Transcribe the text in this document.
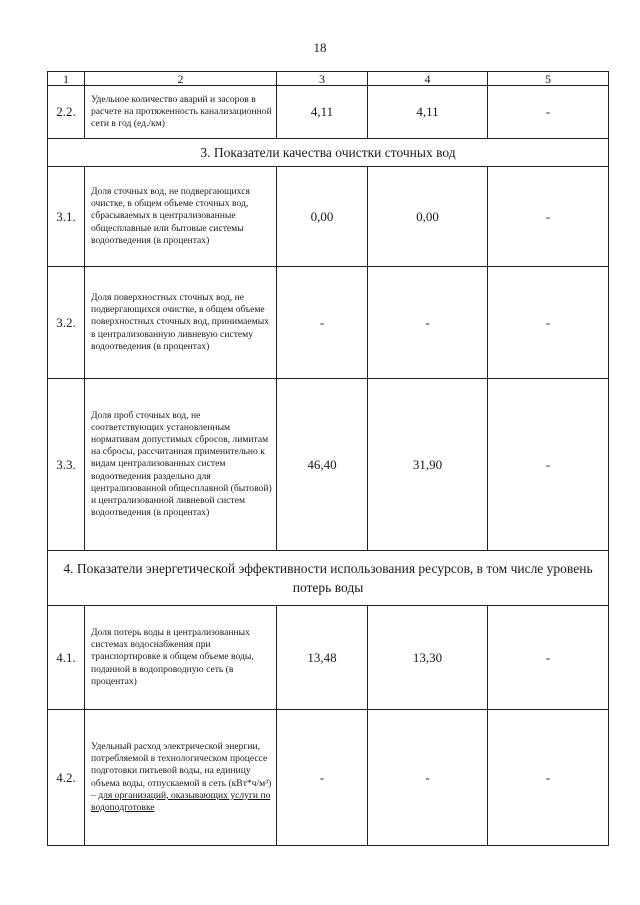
18
1	2	3	4	5
2.2.	Удельное количество аварий и засоров в расчете на протяженность канализационной сети в год (ед./км)	4,11	4,11	-
3. Показатели качества очистки сточных вод				
3.1.	Доля сточных вод, не подвергающихся очистке, в общем объеме сточных вод, сбрасываемых в централизованные общесплавные или бытовые системы водоотведения (в процентах)	0,00	0,00	-
3.2.	Доля поверхностных сточных вод, не подвергающихся очистке, в общем объеме поверхностных сточных вод, принимаемых в централизованную ливневую систему водоотведения (в процентах)	-	-	-
3.3.	Доля проб сточных вод, не соответствующих установленным нормативам допустимых сбросов, лимитам на сбросы, рассчитанная применительно к видам централизованных систем водоотведения раздельно для централизованной общесплавной (бытовой) и централизованной ливневой систем водоотведения (в процентах)	46,40	31,90	-
4. Показатели энергетической эффективности использования ресурсов, в том числе уровень потерь воды				
4.1.	Доля потерь воды в централизованных системах водоснабжения при транспортировке в общем объеме воды, поданной в водопроводную сеть (в процентах)	13,48	13,30	-
4.2.	Удельный расход электрической энергии, потребляемой в технологическом процессе подготовки питьевой воды, на единицу объема воды, отпускаемой в сеть (кВт*ч/м³) – для организаций, оказывающих услуги по водоподготовке	-	-	-
